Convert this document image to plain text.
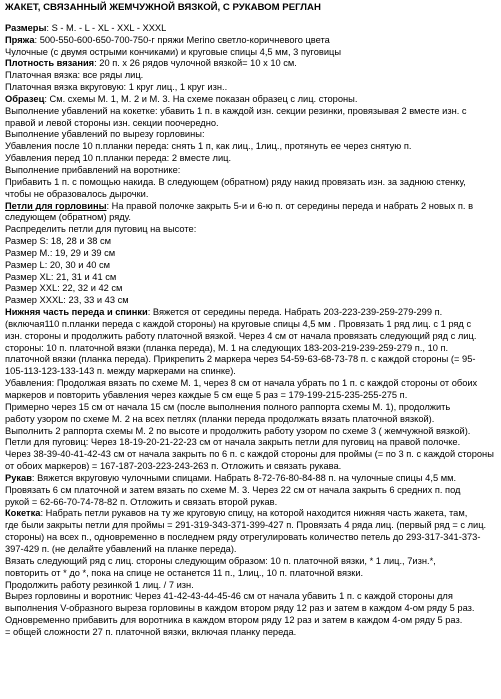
ЖАКЕТ, СВЯЗАННЫЙ ЖЕМЧУЖНОЙ ВЯЗКОЙ, С РУКАВОМ РЕГЛАН
Размеры: S - M. - L - XL - XXL - XXXL
Пряжа: 500-550-600-650-700-750-г пряжи Merino светло-коричневого цвета
Чулочные (с двумя острыми кончиками) и круговые спицы 4,5 мм, 3 пуговицы
Плотность вязания: 20 п. х 26 рядов чулочной вязкой= 10 х 10 см.
Платочная вязка: все ряды лиц.
Платочная вязка вкруговую: 1 круг лиц., 1 круг изн..
Образец: См. схемы М. 1, М. 2 и М. 3. На схеме показан образец с лиц. стороны.
Выполнение убавлений на кокетке: убавить 1 п. в каждой изн. секции резинки, провязывая 2 вместе изн. с
правой и левой стороны изн. секции поочередно.
Выполнение убавлений по вырезу горловины:
Убавления после 10 п.планки переда: снять 1 п, как лиц., 1лиц., протянуть ее через снятую п.
Убавления перед 10 п.планки переда: 2 вместе лиц.
Выполнение прибавлений на воротнике:
Прибавить 1 п. с помощью накида. В следующем (обратном) ряду накид провязать изн. за заднюю стенку,
чтобы не образовалось дырочки.
Петли для горловины: На правой полочке закрыть 5-и и 6-ю п. от середины переда и набрать 2 новых п. в
следующем (обратном) ряду.
Распределить петли для пуговиц на высоте:
Размер S: 18, 28 и 38 см
Размер М.: 19, 29 и 39 см
Размер L: 20, 30 и 40 см
Размер XL: 21, 31 и 41 см
Размер XXL: 22, 32 и 42 см
Размер XXXL: 23, 33 и 43 см
Нижняя часть переда и спинки: Вяжется от середины переда. Набрать 203-223-239-259-279-299 п.
(включая110 п.планки переда с каждой стороны) на круговые спицы 4,5 мм . Провязать 1 ряд лиц. с 1 ряд с
изн. стороны и продолжить работу платочной вязкой. Через 4 см от начала провязать следующий ряд с лиц.
стороны: 10 п. платочной вязки (планка переда), М. 1 на следующих 183-203-219-239-259-279 п., 10 п.
платочной вязки (планка переда). Прикрепить 2 маркера через 54-59-63-68-73-78 п. с каждой стороны (= 95-
105-113-123-133-143 п. между маркерами на спинке).
Убавления: Продолжая вязать по схеме М. 1, через 8 см от начала убрать по 1 п. с каждой стороны от обоих
маркеров и повторить убавления через каждые 5 см еще 5 раз = 179-199-215-235-255-275 п.
Примерно через 15 см от начала 15 см (после выполнения полного раппорта схемы М. 1), продолжить
работу узором по схеме М. 2 на всех петлях (планки переда продолжать вязать платочной вязкой).
Выполнить 2 раппорта схемы М. 2 по высоте и продолжить работу узором по схеме 3 ( жемчужной вязкой).
Петли для пуговиц: Через 18-19-20-21-22-23 см от начала закрыть петли для пуговиц на правой полочке.
Через 38-39-40-41-42-43 см от начала закрыть по 6 п. с каждой стороны для проймы (= по 3 п. с каждой стороны
от обоих маркеров) = 167-187-203-223-243-263 п. Отложить и связать рукава.
Рукав: Вяжется вкруговую чулочными спицами. Набрать 8-72-76-80-84-88 п. на чулочные спицы 4,5 мм.
Провязать 6 см платочной и затем вязать по схеме М. 3. Через 22 см от начала закрыть 6 средних п. под
рукой = 62-66-70-74-78-82 п. Отложить и связать второй рукав.
Кокетка: Набрать петли рукавов на ту же круговую спицу, на которой находится нижняя часть жакета, там,
где были закрыты петли для проймы = 291-319-343-371-399-427 п. Провязать 4 ряда лиц. (первый ряд = с лиц.
стороны) на всех п., одновременно в последнем ряду отрегулировать количество петель до 293-317-341-373-
397-429 п. (не делайте убавлений на планке переда).
Вязать следующий ряд с лиц. стороны следующим образом: 10 п. платочной вязки, * 1 лиц., 7изн.*,
повторить от * до *, пока на спице не останется 11 п., 1лиц., 10 п. платочной вязки.
Продолжить работу резинкой 1 лиц. / 7 изн.
Вырез горловины и воротник: Через 41-42-43-44-45-46 см от начала убавить 1 п. с каждой стороны для
выполнения V-образного выреза горловины в каждом втором ряду 12 раз и затем в каждом 4-ом ряду 5 раз.
Одновременно прибавить для воротника в каждом втором ряду 12 раз и затем в каждом 4-ом ряду 5 раз.
= общей сложности 27 п. платочной вязки, включая планку переда.
